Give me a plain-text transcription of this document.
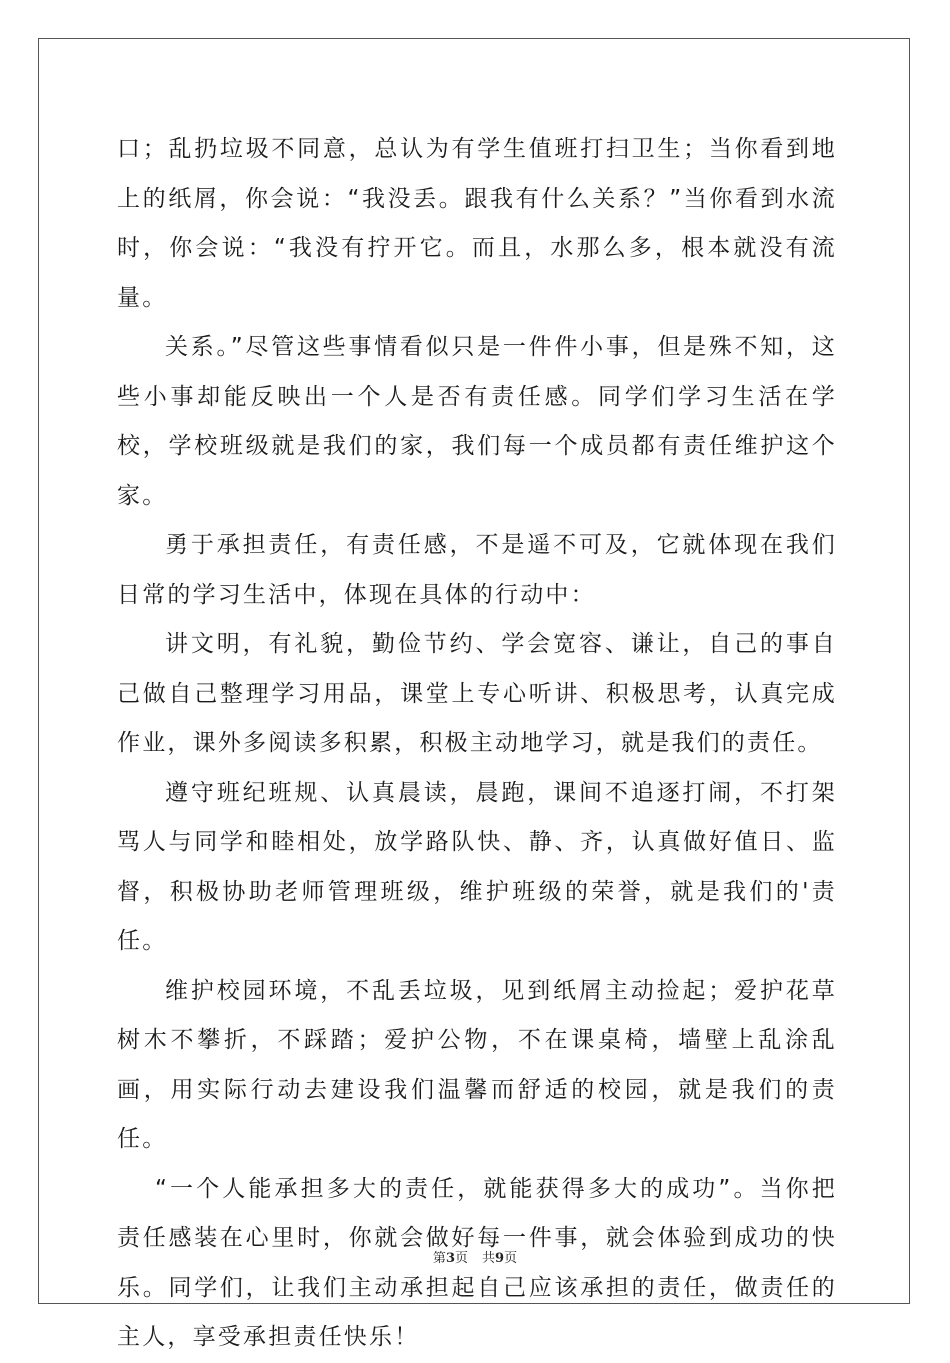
口；乱扔垃圾不同意，总认为有学生值班打扫卫生；当你看到地上的纸屑，你会说：“我没丢。跟我有什么关系？”当你看到水流时，你会说：“我没有拧开它。而且，水那么多，根本就没有流量。

关系。”尽管这些事情看似只是一件件小事，但是殊不知，这些小事却能反映出一个人是否有责任感。同学们学习生活在学校，学校班级就是我们的家，我们每一个成员都有责任维护这个家。

勇于承担责任，有责任感，不是遥不可及，它就体现在我们日常的学习生活中，体现在具体的行动中：

讲文明，有礼貌，勤俭节约、学会宽容、谦让，自己的事自己做自己整理学习用品，课堂上专心听讲、积极思考，认真完成作业，课外多阅读多积累，积极主动地学习，就是我们的责任。

遵守班纪班规、认真晨读，晨跑，课间不追逐打闹，不打架骂人与同学和睦相处，放学路队快、静、齐，认真做好值日、监督，积极协助老师管理班级，维护班级的荣誉，就是我们的'责任。

维护校园环境，不乱丢垃圾，见到纸屑主动捡起；爱护花草树木不攀折，不踩踏；爱护公物，不在课桌椅，墙壁上乱涂乱画，用实际行动去建设我们温馨而舒适的校园，就是我们的责任。

“一个人能承担多大的责任，就能获得多大的成功”。当你把责任感装在心里时，你就会做好每一件事，就会体验到成功的快乐。同学们，让我们主动承担起自己应该承担的责任，做责任的主人，享受承担责任快乐！

第3页 共9页
